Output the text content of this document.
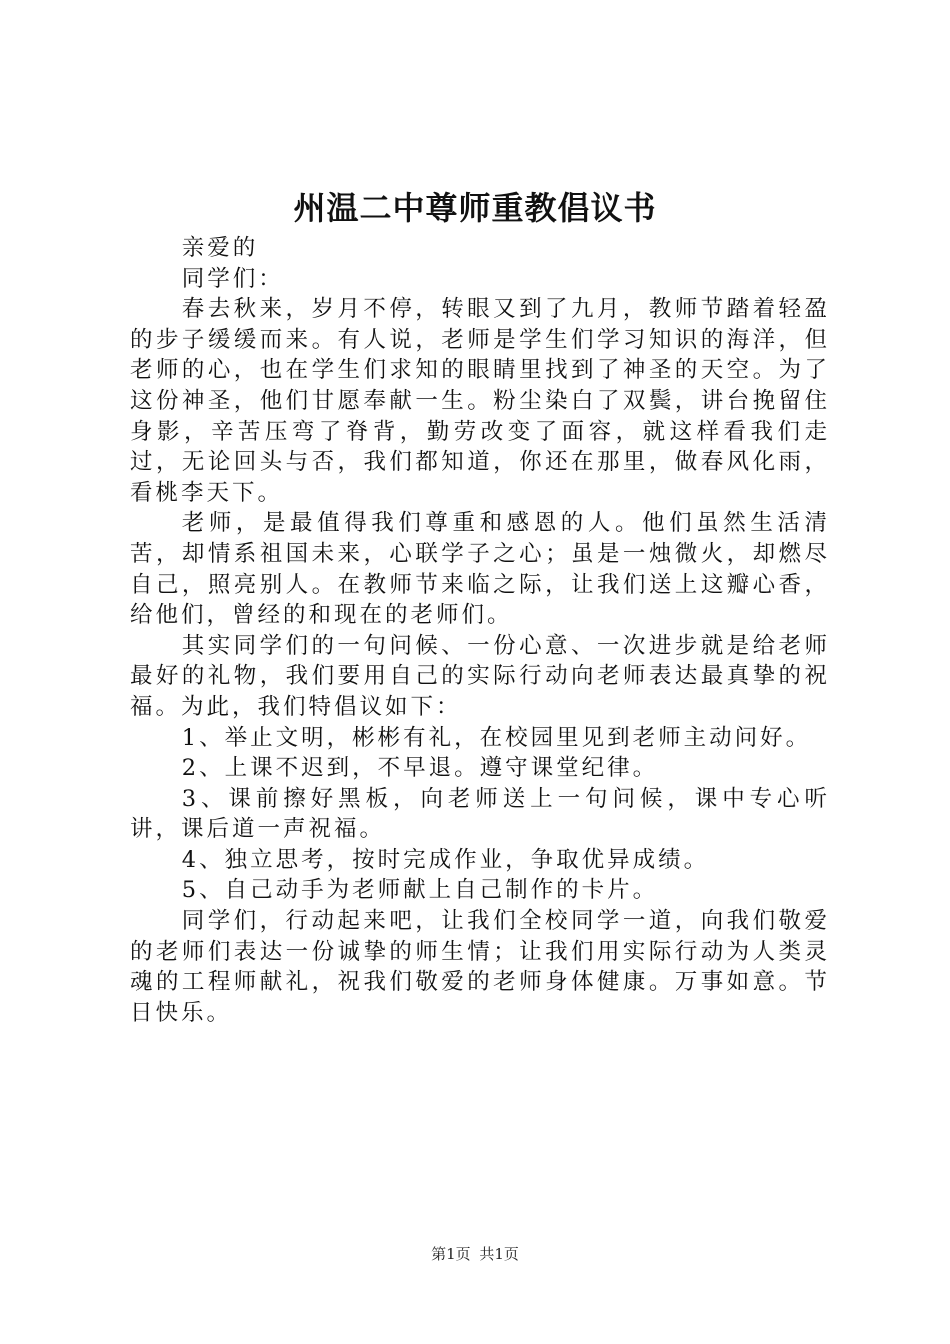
州温二中尊师重教倡议书

亲爱的

同学们：

春去秋来，岁月不停，转眼又到了九月，教师节踏着轻盈的步子缓缓而来。有人说，老师是学生们学习知识的海洋，但老师的心，也在学生们求知的眼睛里找到了神圣的天空。为了这份神圣，他们甘愿奉献一生。粉尘染白了双鬓，讲台挽留住身影，辛苦压弯了脊背，勤劳改变了面容，就这样看我们走过，无论回头与否，我们都知道，你还在那里，做春风化雨，看桃李天下。

老师，是最值得我们尊重和感恩的人。他们虽然生活清苦，却情系祖国未来，心联学子之心；虽是一烛微火，却燃尽自己，照亮别人。在教师节来临之际，让我们送上这瓣心香，给他们，曾经的和现在的老师们。

其实同学们的一句问候、一份心意、一次进步就是给老师最好的礼物，我们要用自己的实际行动向老师表达最真挚的祝福。为此，我们特倡议如下：

1、举止文明，彬彬有礼，在校园里见到老师主动问好。

2、上课不迟到，不早退。遵守课堂纪律。

3、课前擦好黑板，向老师送上一句问候，课中专心听讲，课后道一声祝福。

4、独立思考，按时完成作业，争取优异成绩。

5、自己动手为老师献上自己制作的卡片。

同学们，行动起来吧，让我们全校同学一道，向我们敬爱的老师们表达一份诚挚的师生情；让我们用实际行动为人类灵魂的工程师献礼，祝我们敬爱的老师身体健康。万事如意。节日快乐。

第1页 共1页
